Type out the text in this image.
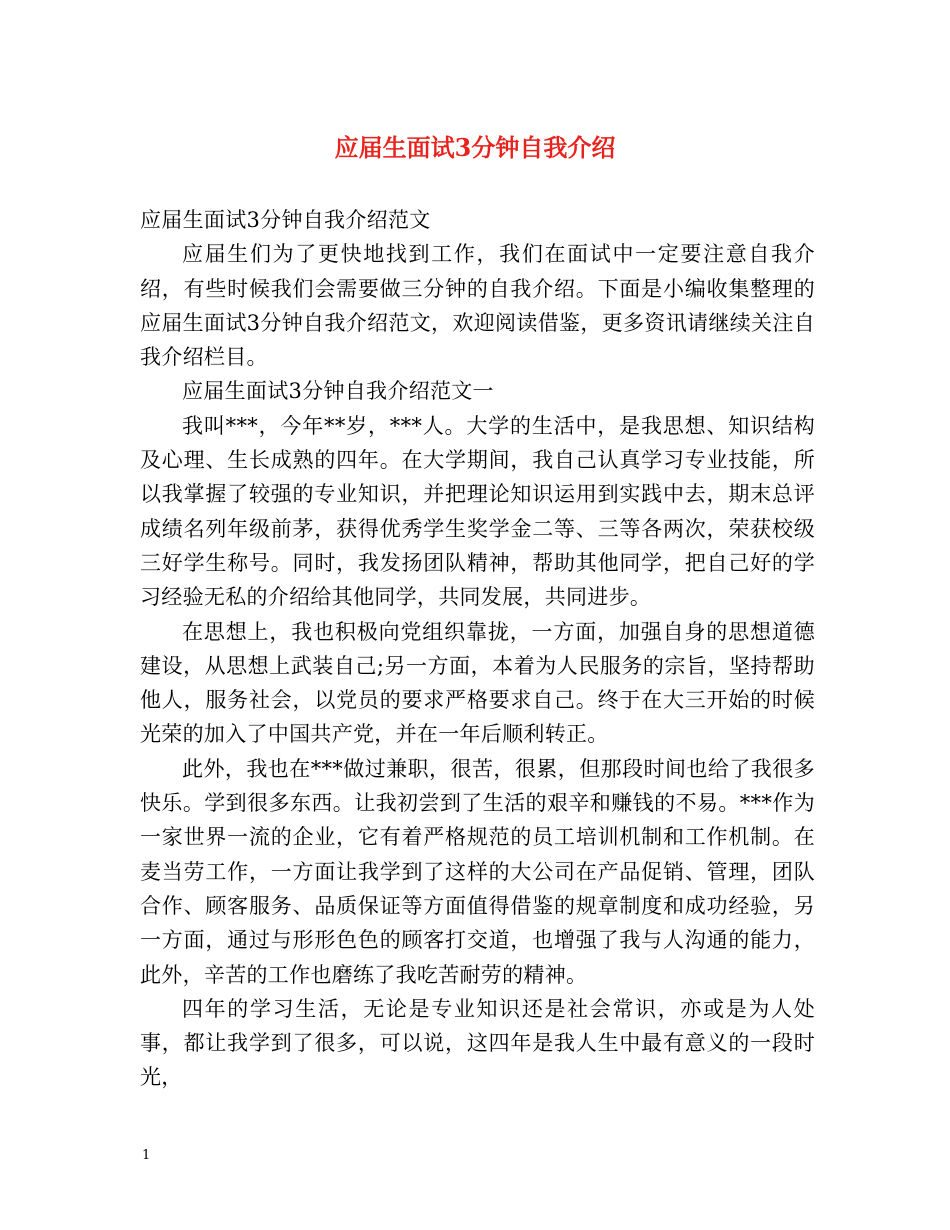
应届生面试3分钟自我介绍

应届生面试3分钟自我介绍范文

应届生们为了更快地找到工作，我们在面试中一定要注意自我介绍，有些时候我们会需要做三分钟的自我介绍。下面是小编收集整理的应届生面试3分钟自我介绍范文，欢迎阅读借鉴，更多资讯请继续关注自我介绍栏目。

应届生面试3分钟自我介绍范文一

我叫***，今年**岁，***人。大学的生活中，是我思想、知识结构及心理、生长成熟的四年。在大学期间，我自己认真学习专业技能，所以我掌握了较强的专业知识，并把理论知识运用到实践中去，期末总评成绩名列年级前茅，获得优秀学生奖学金二等、三等各两次，荣获校级三好学生称号。同时，我发扬团队精神，帮助其他同学，把自己好的学习经验无私的介绍给其他同学，共同发展，共同进步。

在思想上，我也积极向党组织靠拢，一方面，加强自身的思想道德建设，从思想上武装自己;另一方面，本着为人民服务的宗旨，坚持帮助他人，服务社会，以党员的要求严格要求自己。终于在大三开始的时候光荣的加入了中国共产党，并在一年后顺利转正。

此外，我也在***做过兼职，很苦，很累，但那段时间也给了我很多快乐。学到很多东西。让我初尝到了生活的艰辛和赚钱的不易。***作为一家世界一流的企业，它有着严格规范的员工培训机制和工作机制。在麦当劳工作，一方面让我学到了这样的大公司在产品促销、管理，团队合作、顾客服务、品质保证等方面值得借鉴的规章制度和成功经验，另一方面，通过与形形色色的顾客打交道，也增强了我与人沟通的能力，此外，辛苦的工作也磨练了我吃苦耐劳的精神。

四年的学习生活，无论是专业知识还是社会常识，亦或是为人处事，都让我学到了很多，可以说，这四年是我人生中最有意义的一段时光，

1
